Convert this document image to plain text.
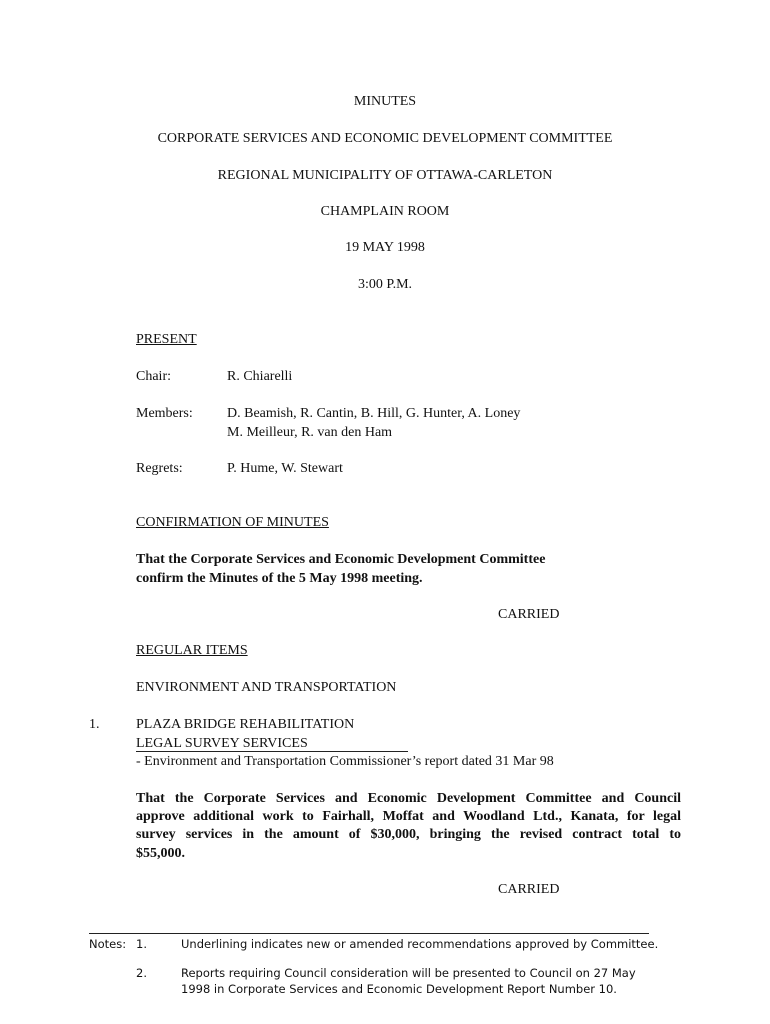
MINUTES
CORPORATE SERVICES AND ECONOMIC DEVELOPMENT COMMITTEE
REGIONAL MUNICIPALITY OF OTTAWA-CARLETON
CHAMPLAIN ROOM
19 MAY 1998
3:00 P.M.
PRESENT
Chair:	R. Chiarelli
Members: D. Beamish, R. Cantin, B. Hill, G. Hunter, A. Loney
M. Meilleur, R. van den Ham
Regrets:	P. Hume, W. Stewart
CONFIRMATION OF MINUTES
That the Corporate Services and Economic Development Committee
confirm the Minutes of the 5 May 1998 meeting.
CARRIED
REGULAR ITEMS
ENVIRONMENT AND TRANSPORTATION
1.	PLAZA BRIDGE REHABILITATION
LEGAL SURVEY SERVICES
- Environment and Transportation Commissioner’s report dated 31 Mar 98
That the Corporate Services and Economic Development Committee and Council
approve additional work to Fairhall, Moffat and Woodland Ltd., Kanata, for legal
survey services in the amount of $30,000, bringing the revised contract total to
$55,000.
CARRIED
Notes: 1.	Underlining indicates new or amended recommendations approved by Committee.
2.	Reports requiring Council consideration will be presented to Council on 27 May
1998 in Corporate Services and Economic Development Report Number 10.
